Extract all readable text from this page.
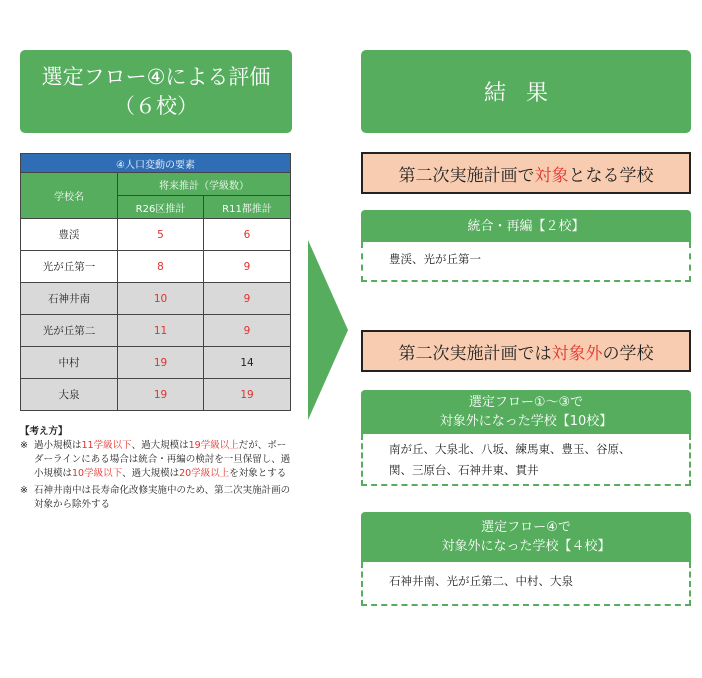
選定フロー④による評価
（６校）	結果
④人口変動の要素		
学校名	将来推計（学級数）	
	R26区推計	R11都推計
豊渓	5	6
光が丘第一	8	9
石神井南	10	9
光が丘第二	11	9
中村	19	14
大泉	19	19
【考え方】
※ 過小規模は11学級以下、過大規模は19学級以上だが、ボーダーラインにある場合は統合・再編の検討を一旦保留し、過小規模は10学級以下、過大規模は20学級以上を対象とする
※ 石神井南中は長寿命化改修実施中のため、第二次実施計画の対象から除外する
第二次実施計画で 対象 となる学校
統合・再編【２校】
豊渓、光が丘第一
第二次実施計画では 対象外 の学校
選定フロー①～③で
対象外になった学校【10校】
南が丘、大泉北、八坂、練馬東、豊玉、谷原、
関、三原台、石神井東、貫井
選定フロー④で
対象外になった学校【４校】
石神井南、光が丘第二、中村、大泉
